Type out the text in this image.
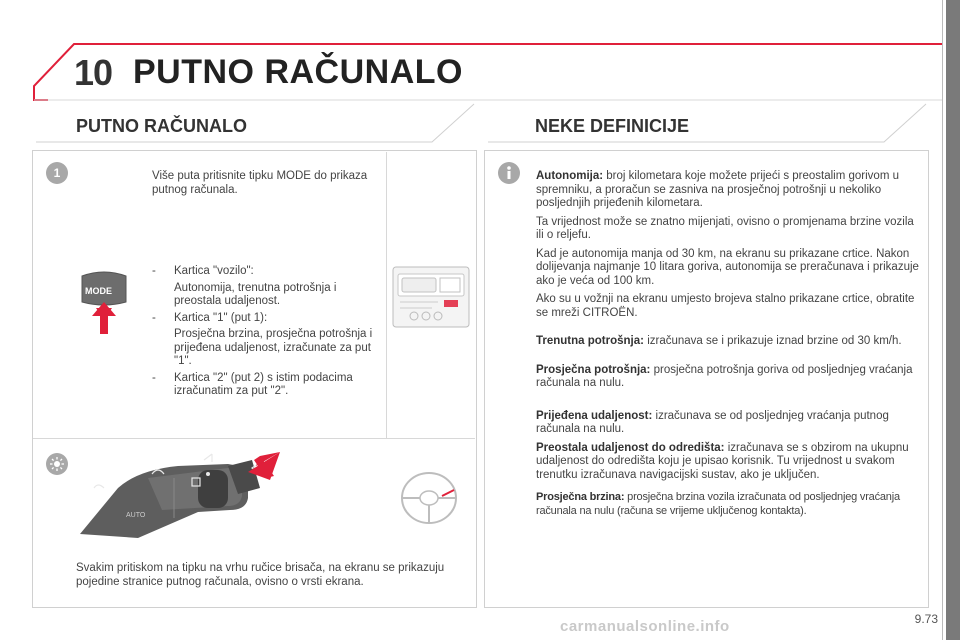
10 PUTNO RAČUNALO
PUTNO RAČUNALO	NEKE DEFINICIJE
1	Više puta pritisnite tipku MODE do prikaza putnog računala.
MODE
- Kartica "vozilo":
Autonomija, trenutna potrošnja i preostala udaljenost.
- Kartica "1" (put 1):
Prosječna brzina, prosječna potrošnja i prijeđena udaljenost, izračunate za put "1".
- Kartica "2" (put 2) s istim podacima izračunatim za put "2".
AUTO
Svakim pritiskom na tipku na vrhu ručice brisača, na ekranu se prikazuju pojedine stranice putnog računala, ovisno o vrsti ekrana.

Autonomija: broj kilometara koje možete prijeći s preostalim gorivom u spremniku, a proračun se zasniva na prosječnoj potrošnji u nekoliko posljednjih prijeđenih kilometara.

Ta vrijednost može se znatno mijenjati, ovisno o promjenama brzine vozila ili o reljefu.

Kad je autonomija manja od 30 km, na ekranu su prikazane crtice. Nakon dolijevanja najmanje 10 litara goriva, autonomija se preračunava i prikazuje ako je veća od 100 km.

Ako su u vožnji na ekranu umjesto brojeva stalno prikazane crtice, obratite se mreži CITROËN.

Trenutna potrošnja: izračunava se i prikazuje iznad brzine od 30 km/h.

Prosječna potrošnja: prosječna potrošnja goriva od posljednjeg vraćanja računala na nulu.

Prijeđena udaljenost: izračunava se od posljednjeg vraćanja putnog računala na nulu.

Preostala udaljenost do odredišta: izračunava se s obzirom na ukupnu udaljenost do odredišta koju je upisao korisnik. Tu vrijednost u svakom trenutku izračunava navigacijski sustav, ako je uključen.

Prosječna brzina: prosječna brzina vozila izračunata od posljednjeg vraćanja računala na nulu (računa se vrijeme uključenog kontakta).

carmanualsonline.info	9.73
